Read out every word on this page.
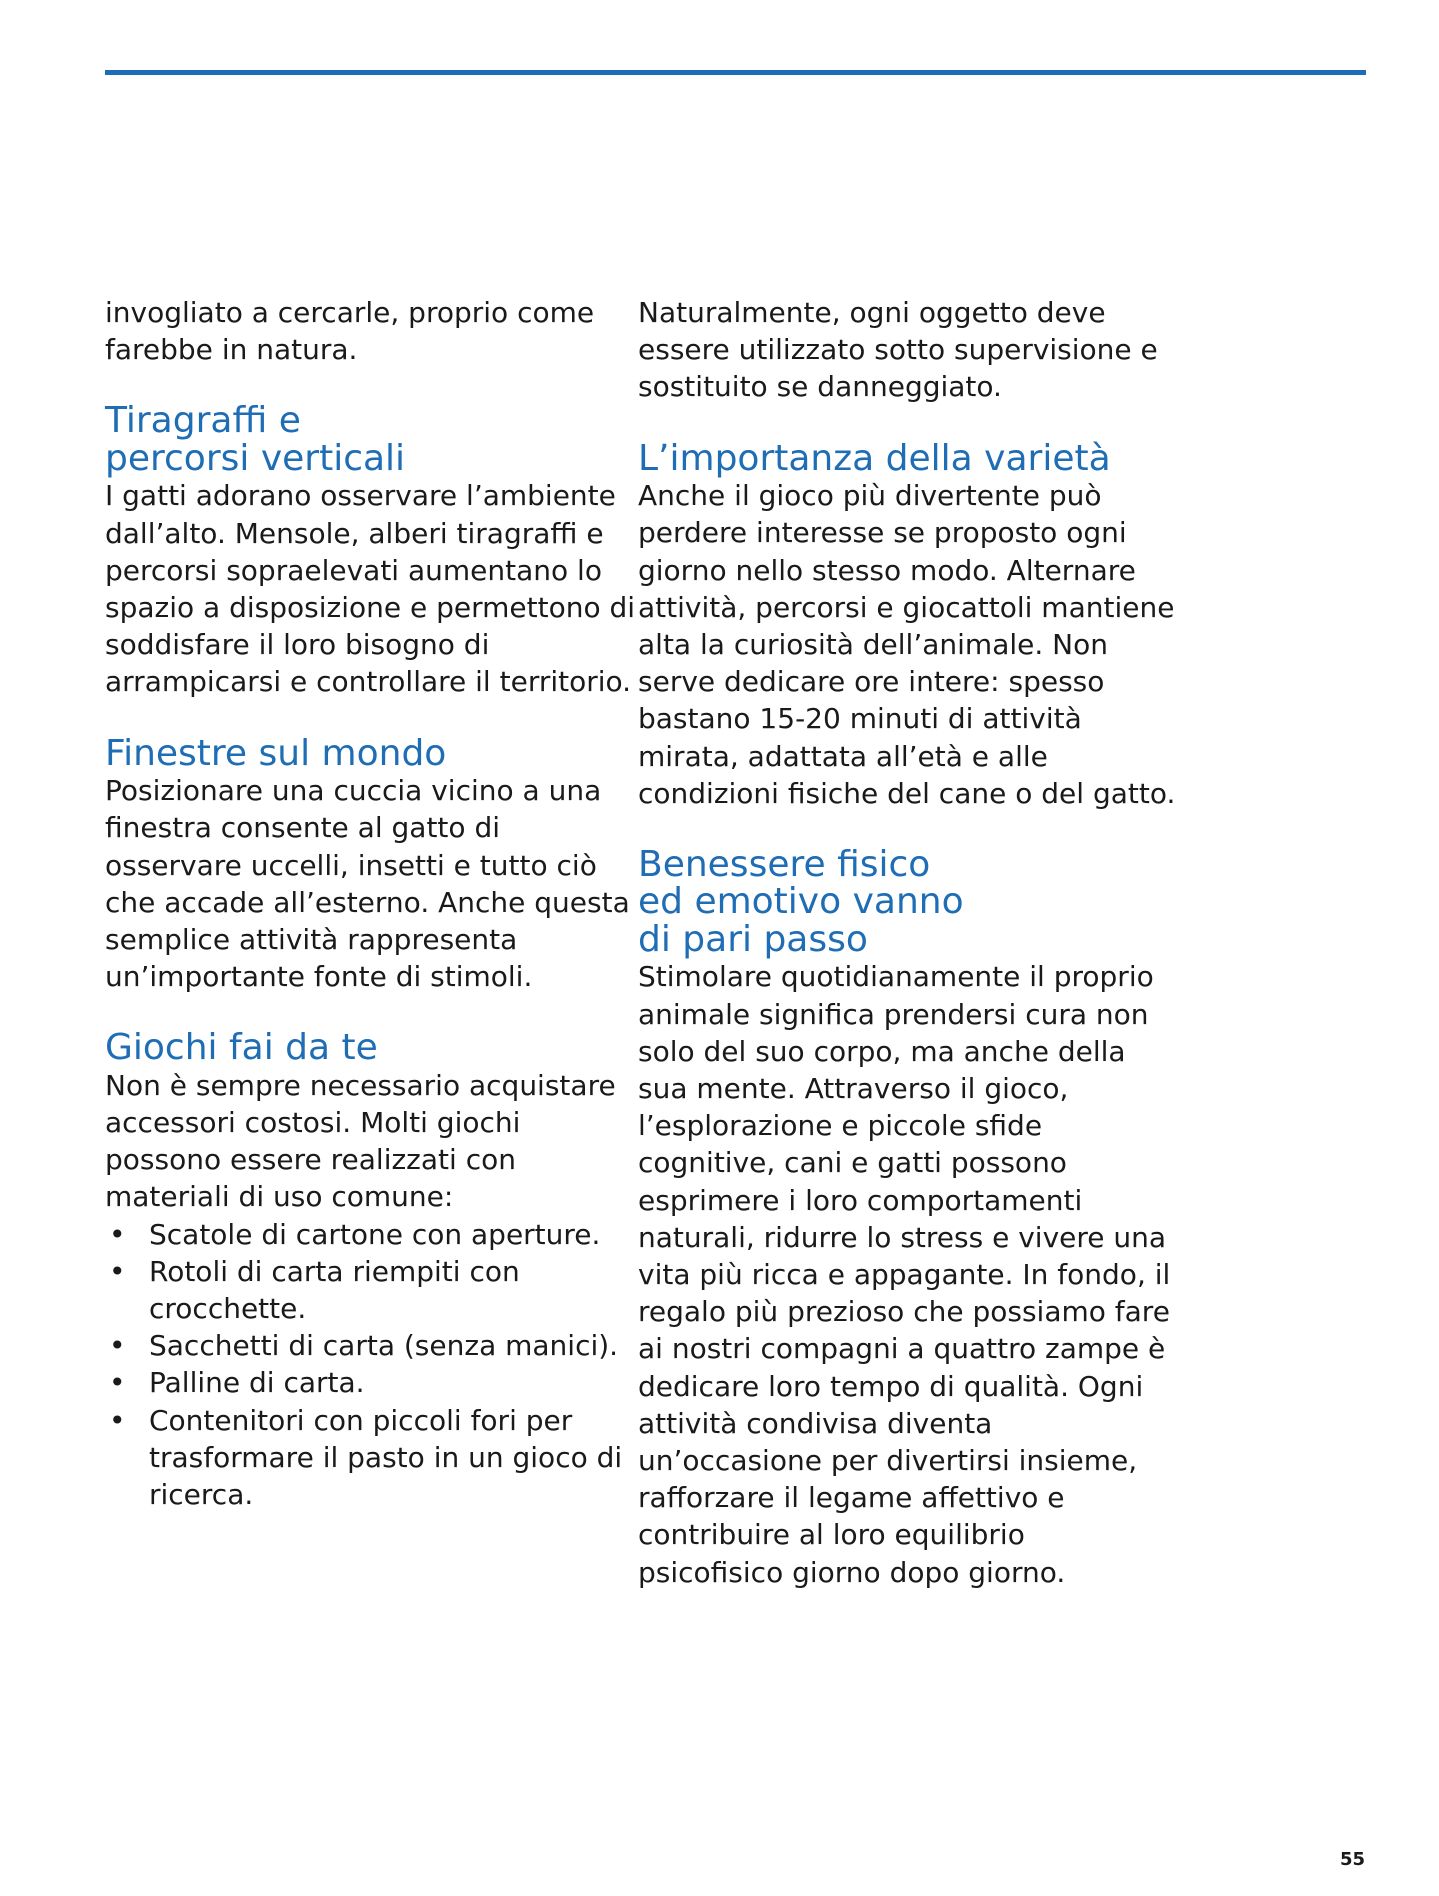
invogliato a cercarle, proprio come farebbe in natura.

Tiragraffi e
percorsi verticali

I gatti adorano osservare l’ambiente dall’alto. Mensole, alberi tiragraffi e percorsi sopraelevati aumentano lo spazio a disposizione e permettono di soddisfare il loro bisogno di arrampicarsi e controllare il territorio.

Finestre sul mondo

Posizionare una cuccia vicino a una finestra consente al gatto di osservare uccelli, insetti e tutto ciò che accade all’esterno. Anche questa semplice attività rappresenta un’importante fonte di stimoli.

Giochi fai da te

Non è sempre necessario acquistare accessori costosi. Molti giochi possono essere realizzati con materiali di uso comune:

• Scatole di cartone con aperture.
• Rotoli di carta riempiti con crocchette.
• Sacchetti di carta (senza manici).
• Palline di carta.
• Contenitori con piccoli fori per trasformare il pasto in un gioco di ricerca.

Naturalmente, ogni oggetto deve essere utilizzato sotto supervisione e sostituito se danneggiato.

L’importanza della varietà

Anche il gioco più divertente può perdere interesse se proposto ogni giorno nello stesso modo. Alternare attività, percorsi e giocattoli mantiene alta la curiosità dell’animale. Non serve dedicare ore intere: spesso bastano 15-20 minuti di attività mirata, adattata all’età e alle condizioni fisiche del cane o del gatto.

Benessere fisico
ed emotivo vanno
di pari passo

Stimolare quotidianamente il proprio animale significa prendersi cura non solo del suo corpo, ma anche della sua mente. Attraverso il gioco, l’esplorazione e piccole sfide cognitive, cani e gatti possono esprimere i loro comportamenti naturali, ridurre lo stress e vivere una vita più ricca e appagante. In fondo, il regalo più prezioso che possiamo fare ai nostri compagni a quattro zampe è dedicare loro tempo di qualità. Ogni attività condivisa diventa un’occasione per divertirsi insieme, rafforzare il legame affettivo e contribuire al loro equilibrio psicofisico giorno dopo giorno.

55
